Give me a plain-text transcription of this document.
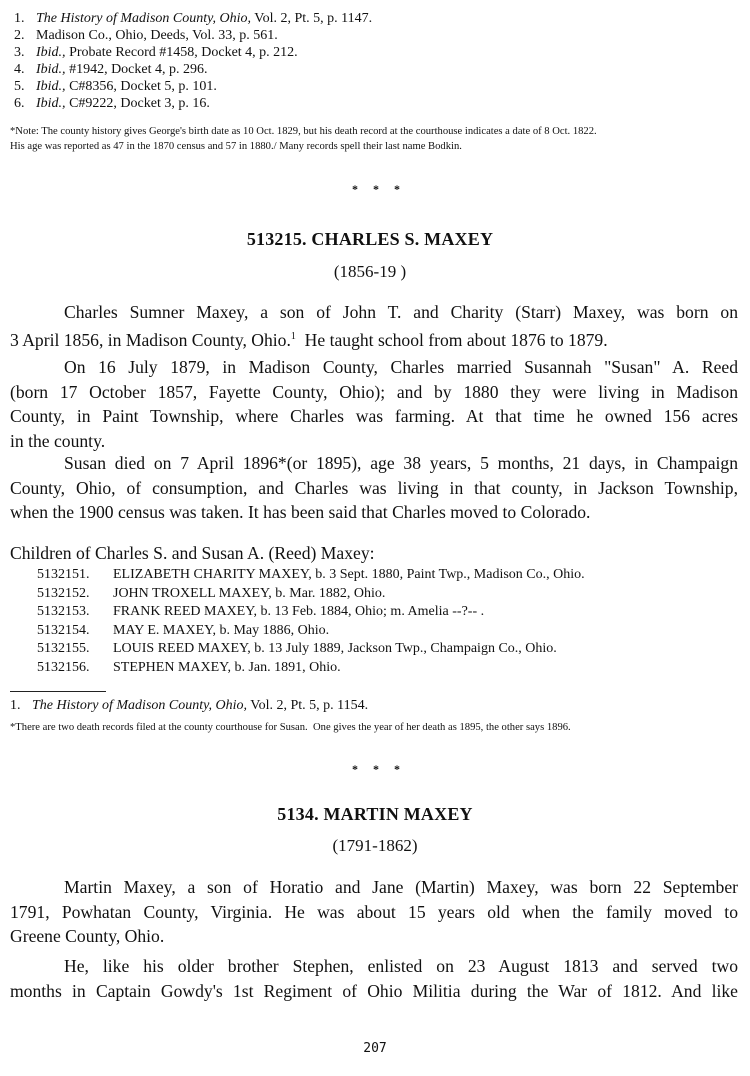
1. The History of Madison County, Ohio, Vol. 2, Pt. 5, p. 1147.
2. Madison Co., Ohio, Deeds, Vol. 33, p. 561.
3. Ibid., Probate Record #1458, Docket 4, p. 212.
4. Ibid., #1942, Docket 4, p. 296.
5. Ibid., C#8356, Docket 5, p. 101.
6. Ibid., C#9222, Docket 3, p. 16.
*Note: The county history gives George's birth date as 10 Oct. 1829, but his death record at the courthouse indicates a date of 8 Oct. 1822.
His age was reported as 47 in the 1870 census and 57 in 1880./ Many records spell their last name Bodkin.
* * *
513215. CHARLES S. MAXEY
(1856-19 )
Charles Sumner Maxey, a son of John T. and Charity (Starr) Maxey, was born on
3 April 1856, in Madison County, Ohio.$^1$  He taught school from about 1876 to 1879.
On 16 July 1879, in Madison County, Charles married Susannah "Susan" A. Reed
(born 17 October 1857, Fayette County, Ohio); and by 1880 they were living in Madison
County, in Paint Township, where Charles was farming. At that time he owned 156 acres
in the county.
Susan died on 7 April 1896*(or 1895), age 38 years, 5 months, 21 days, in Champaign
County, Ohio, of consumption, and Charles was living in that county, in Jackson Township,
when the 1900 census was taken. It has been said that Charles moved to Colorado.
Children of Charles S. and Susan A. (Reed) Maxey:
5132151. ELIZABETH CHARITY MAXEY, b. 3 Sept. 1880, Paint Twp., Madison Co., Ohio.
5132152. JOHN TROXELL MAXEY, b. Mar. 1882, Ohio.
5132153. FRANK REED MAXEY, b. 13 Feb. 1884, Ohio; m. Amelia --?-- .
5132154. MAY E. MAXEY, b. May 1886, Ohio.
5132155. LOUIS REED MAXEY, b. 13 July 1889, Jackson Twp., Champaign Co., Ohio.
5132156. STEPHEN MAXEY, b. Jan. 1891, Ohio.
1. The History of Madison County, Ohio, Vol. 2, Pt. 5, p. 1154.
*There are two death records filed at the county courthouse for Susan.  One gives the year of her death as 1895, the other says 1896.
* * *
5134. MARTIN MAXEY
(1791-1862)
Martin Maxey, a son of Horatio and Jane (Martin) Maxey, was born 22 September
1791, Powhatan County, Virginia. He was about 15 years old when the family moved to
Greene County, Ohio.
He, like his older brother Stephen, enlisted on 23 August 1813 and served two
months in Captain Gowdy's 1st Regiment of Ohio Militia during the War of 1812. And like
207
